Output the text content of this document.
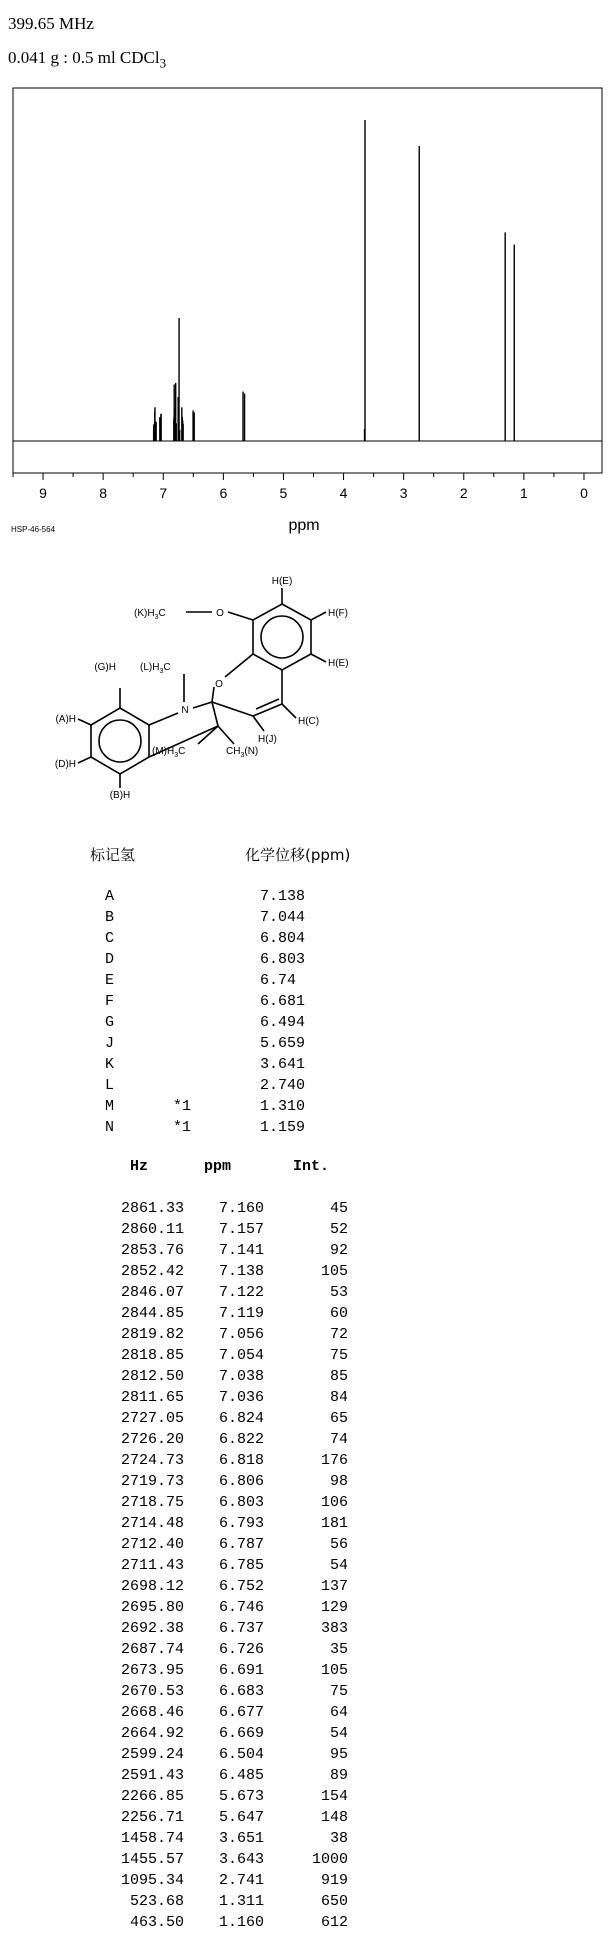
399.65 MHz
0.041 g : 0.5 ml CDCl$_3$
9	8	7	6	5	4	3	2	1	0
ppm
HSP-46-564
H(E)
$(K)H_3C$	O	H(F)
H(E)
(G)H $(L)H_3C$
O
N
(A)H	H(C)
H(J)
(D)H
$(M)H_3C$	$CH_3(N)$
(B)H
标记氢	化学位移(ppm)
A	7.138
B	7.044
C	6.804
D	6.803
E	6.74
F	6.681
G	6.494
J	5.659
K	3.641
L	2.740
M	*1	1.310
N	*1	1.159
Hz	ppm	Int.
2861.33	7.160	45
2860.11	7.157	52
2853.76	7.141	92
2852.42	7.138	105
2846.07	7.122	53
2844.85	7.119	60
2819.82	7.056	72
2818.85	7.054	75
2812.50	7.038	85
2811.65	7.036	84
2727.05	6.824	65
2726.20	6.822	74
2724.73	6.818	176
2719.73	6.806	98
2718.75	6.803	106
2714.48	6.793	181
2712.40	6.787	56
2711.43	6.785	54
2698.12	6.752	137
2695.80	6.746	129
2692.38	6.737	383
2687.74	6.726	35
2673.95	6.691	105
2670.53	6.683	75
2668.46	6.677	64
2664.92	6.669	54
2599.24	6.504	95
2591.43	6.485	89
2266.85	5.673	154
2256.71	5.647	148
1458.74	3.651	38
1455.57	3.643	1000
1095.34	2.741	919
523.68	1.311	650
463.50	1.160	612
